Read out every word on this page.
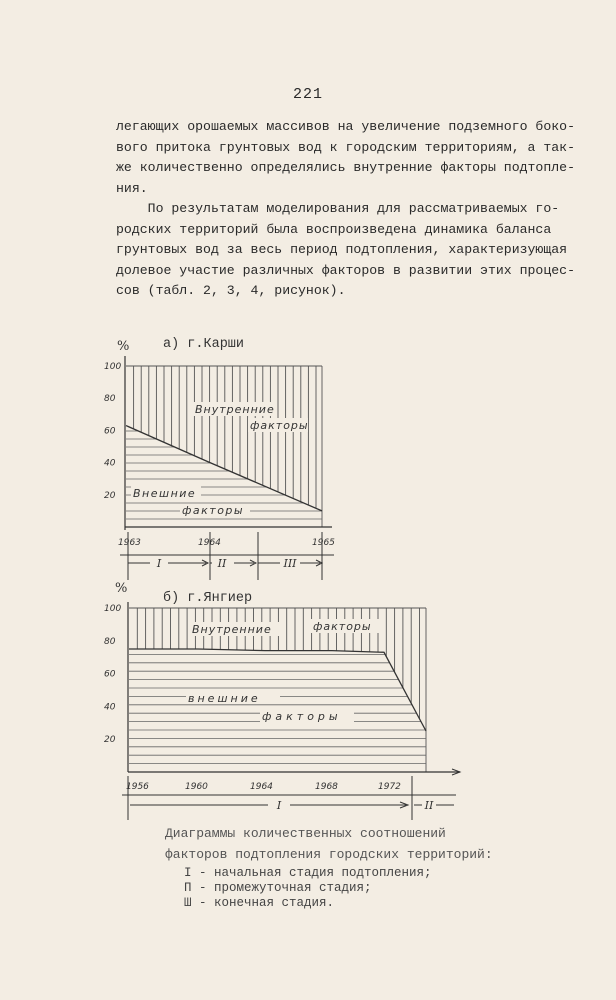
221
легающих орошаемых массивов на увеличение подземного боко-
вого притока грунтовых вод к городским территориям, а так-
же количественно определялись внутренние факторы подтопле-
ния.
По результатам моделирования для рассматриваемых го-
родских территорий была воспроизведена динамика баланса
грунтовых вод за весь период подтопления, характеризующая
долевое участие различных факторов в развитии этих процес-
сов (табл. 2, 3, 4, рисунок).
% а) г.Карши
100
80
60
40
20
Внутренние
факторы
Внешние
факторы
1963	1964	1965
I	II	III
%
б) г.Янгиер
100
80
60
40
20
Внутренние	факторы
внешние
факторы
1956	1960	1964	1968	1972
I	II
Диаграммы количественных соотношений
факторов подтопления городских территорий:
I - начальная стадия подтопления;
П - промежуточная стадия;
Ш - конечная стадия.
